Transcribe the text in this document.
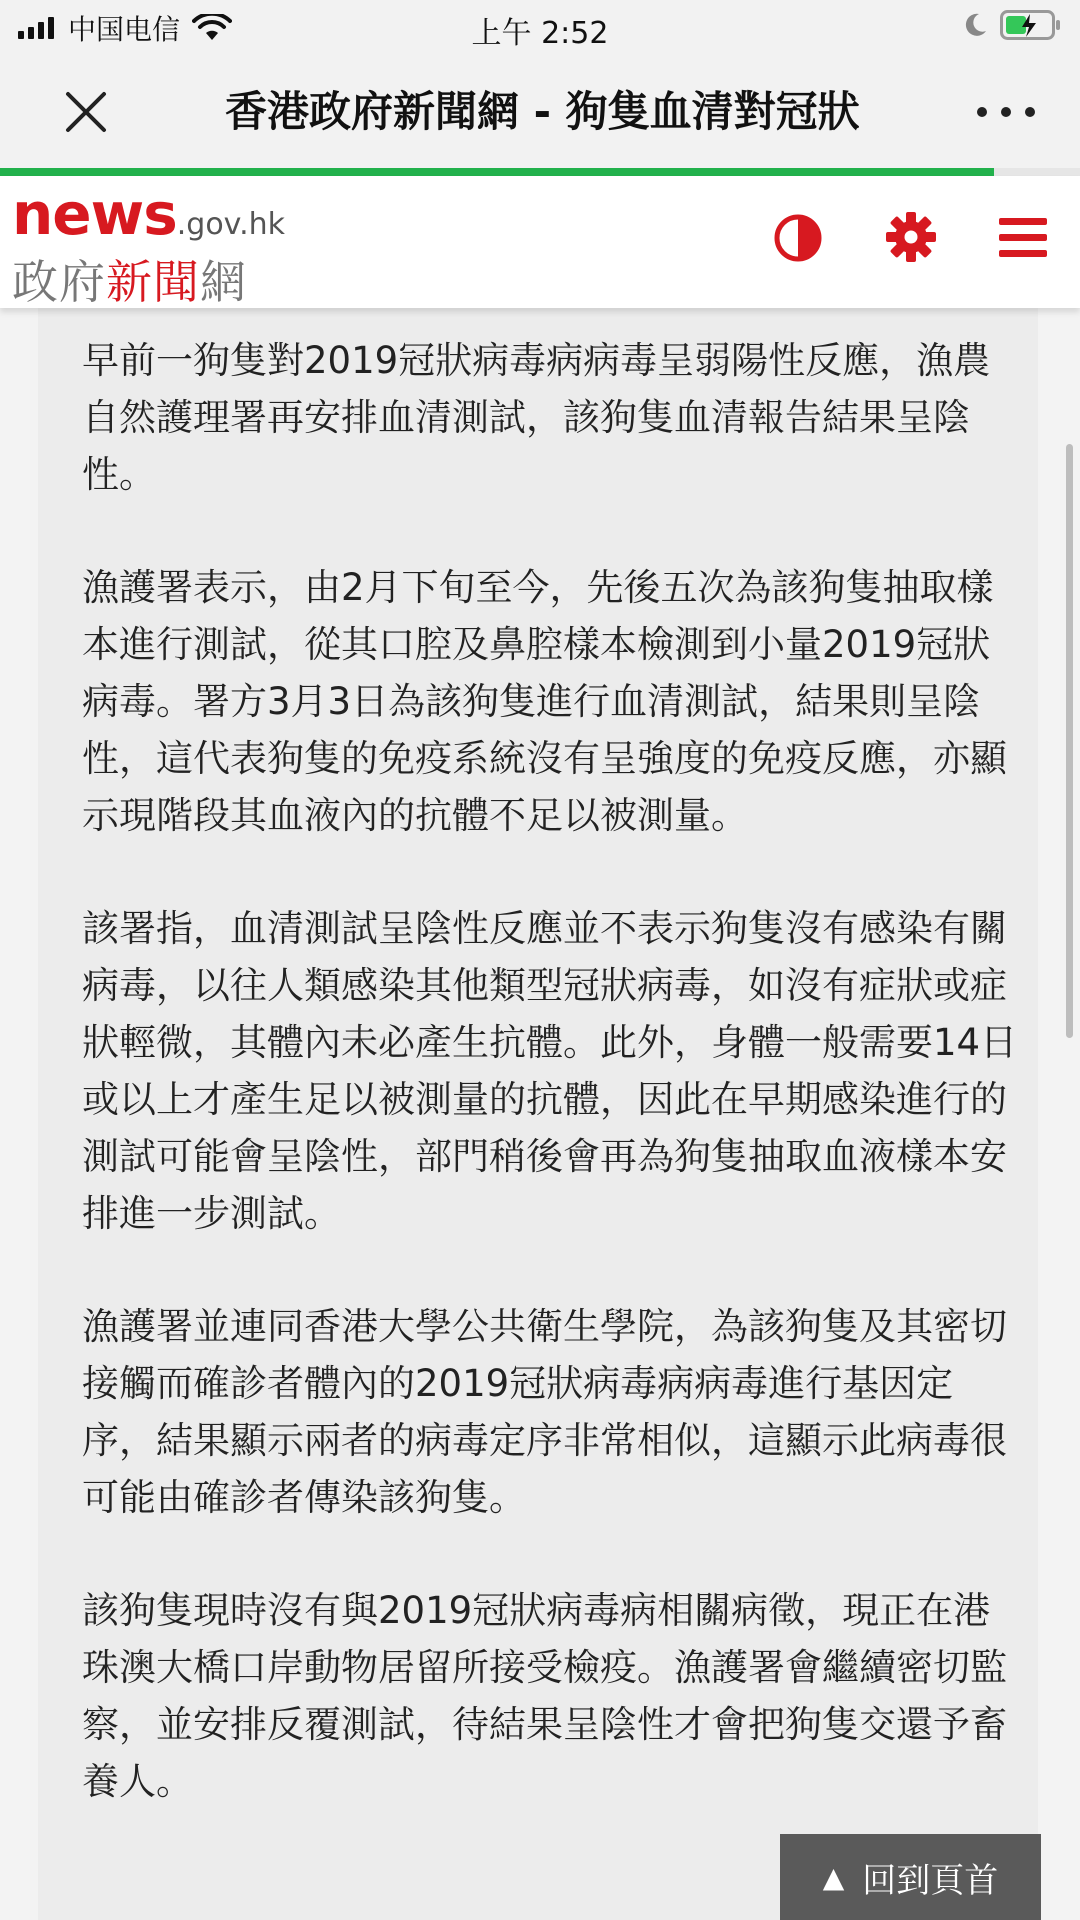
中国电信	上午 2:52
香港政府新聞網 - 狗隻血清對冠狀
news.gov.hk
政府新聞網

早前一狗隻對2019冠狀病毒病病毒呈弱陽性反應，漁農自然護理署再安排血清測試，該狗隻血清報告結果呈陰性。

漁護署表示，由2月下旬至今，先後五次為該狗隻抽取樣本進行測試，從其口腔及鼻腔樣本檢測到小量2019冠狀病毒。署方3月3日為該狗隻進行血清測試，結果則呈陰性，這代表狗隻的免疫系統沒有呈強度的免疫反應，亦顯示現階段其血液內的抗體不足以被測量。

該署指，血清測試呈陰性反應並不表示狗隻沒有感染有關病毒，以往人類感染其他類型冠狀病毒，如沒有症狀或症狀輕微，其體內未必產生抗體。此外，身體一般需要14日或以上才產生足以被測量的抗體，因此在早期感染進行的測試可能會呈陰性，部門稍後會再為狗隻抽取血液樣本安排進一步測試。

漁護署並連同香港大學公共衛生學院，為該狗隻及其密切接觸而確診者體內的2019冠狀病毒病病毒進行基因定序，結果顯示兩者的病毒定序非常相似，這顯示此病毒很可能由確診者傳染該狗隻。

該狗隻現時沒有與2019冠狀病毒病相關病徵，現正在港珠澳大橋口岸動物居留所接受檢疫。漁護署會繼續密切監察，並安排反覆測試，待結果呈陰性才會把狗隻交還予畜養人。

▲ 回到頁首
